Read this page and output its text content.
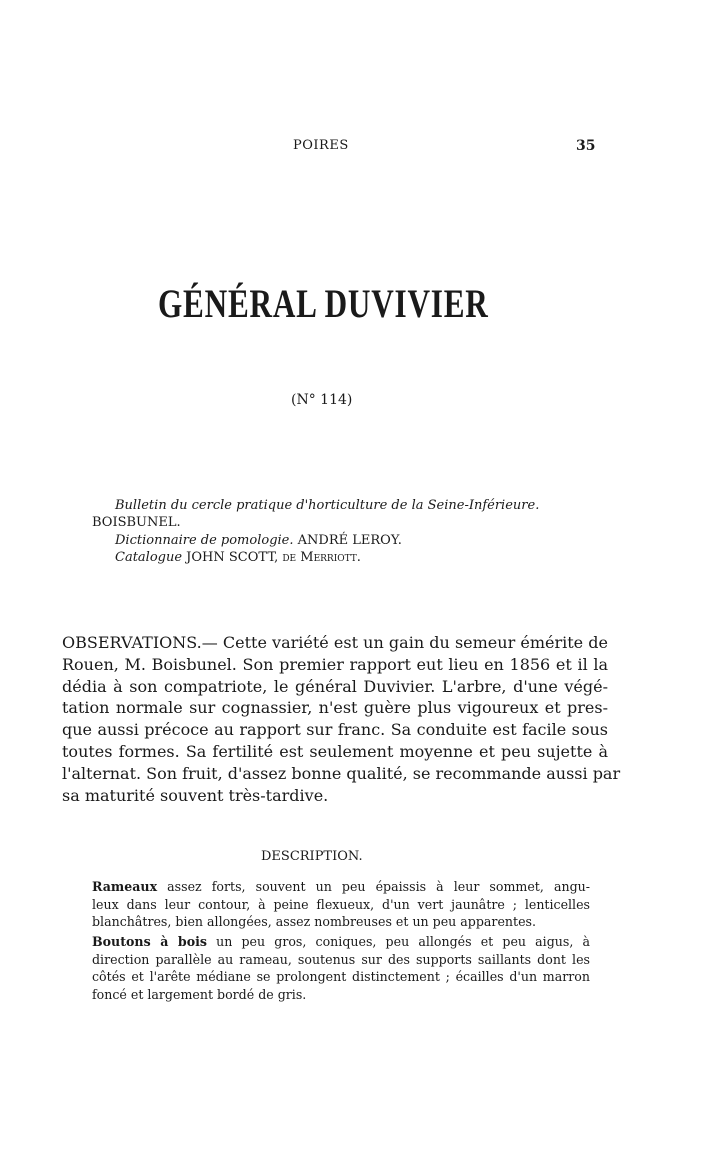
POIRES	35
GÉNÉRAL DUVIVIER
(N° 114)
Bulletin du cercle pratique d'horticulture de la Seine-Inférieure.
BOISBUNEL.
Dictionnaire de pomologie. ANDRÉ LEROY.
Catalogue JOHN SCOTT, de Merriott.
OBSERVATIONS.— Cette variété est un gain du semeur émérite de
Rouen, M. Boisbunel. Son premier rapport eut lieu en 1856 et il la
dédia à son compatriote, le général Duvivier. L'arbre, d'une végé-
tation normale sur cognassier, n'est guère plus vigoureux et pres-
que aussi précoce au rapport sur franc. Sa conduite est facile sous
toutes formes. Sa fertilité est seulement moyenne et peu sujette à
l'alternat. Son fruit, d'assez bonne qualité, se recommande aussi par
sa maturité souvent très-tardive.
DESCRIPTION.
Rameaux assez forts, souvent un peu épaissis à leur sommet, angu-
leux dans leur contour, à peine flexueux, d'un vert jaunâtre ; lenticelles
blanchâtres, bien allongées, assez nombreuses et un peu apparentes.
Boutons à bois un peu gros, coniques, peu allongés et peu aigus, à
direction parallèle au rameau, soutenus sur des supports saillants dont les
côtés et l'arête médiane se prolongent distinctement ; écailles d'un marron
foncé et largement bordé de gris.
